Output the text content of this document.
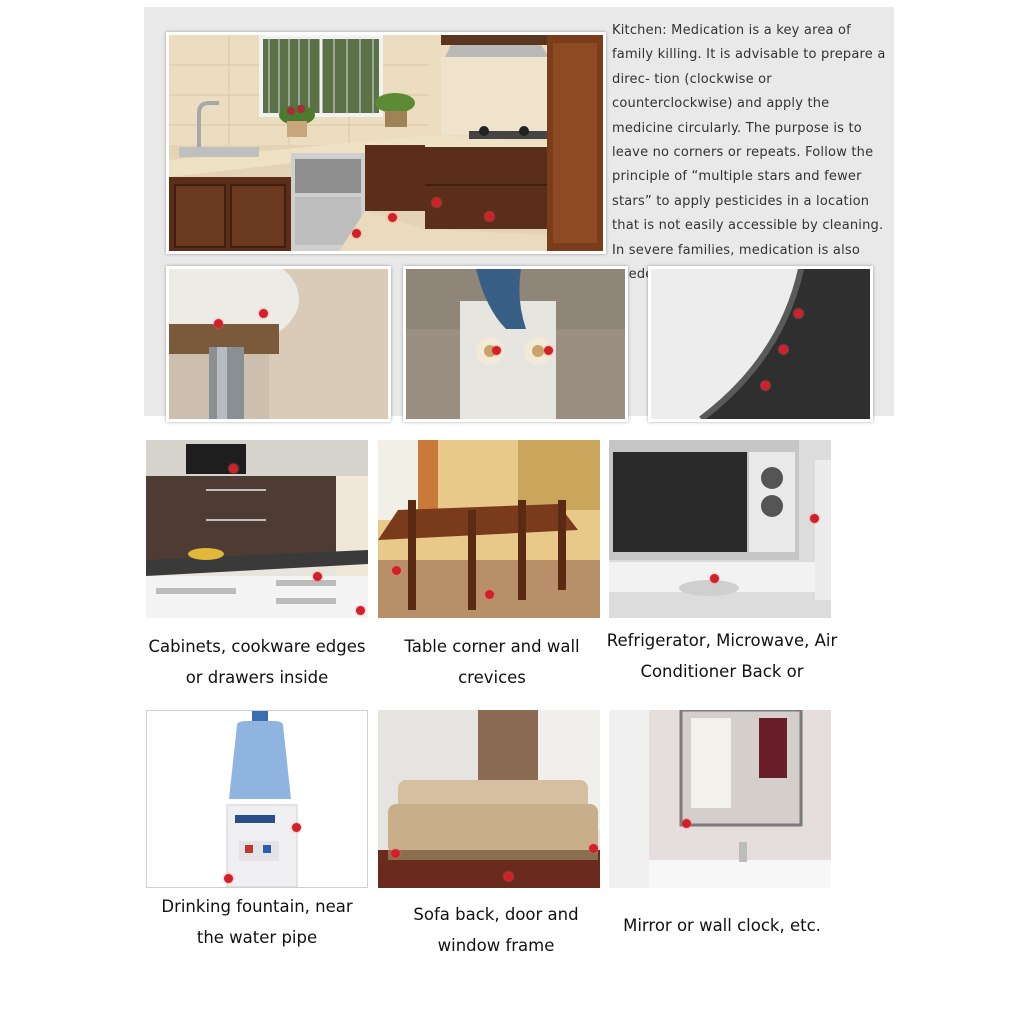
Kitchen: Medication is a key area of family killing. It is advisable to prepare a direc- tion (clockwise or counterclockwise) and apply the medicine circularly. The purpose is to leave no corners or repeats. Follow the principle of “multiple stars and fewer stars” to apply pesticides in a location that is not easily accessible by cleaning. In severe families, medication is also needed
Cabinets, cookware edges or drawers inside
Table corner and wall crevices
Refrigerator, Microwave, Air Conditioner Back or
Drinking fountain, near the water pipe
Sofa back, door and window frame
Mirror or wall clock, etc.
